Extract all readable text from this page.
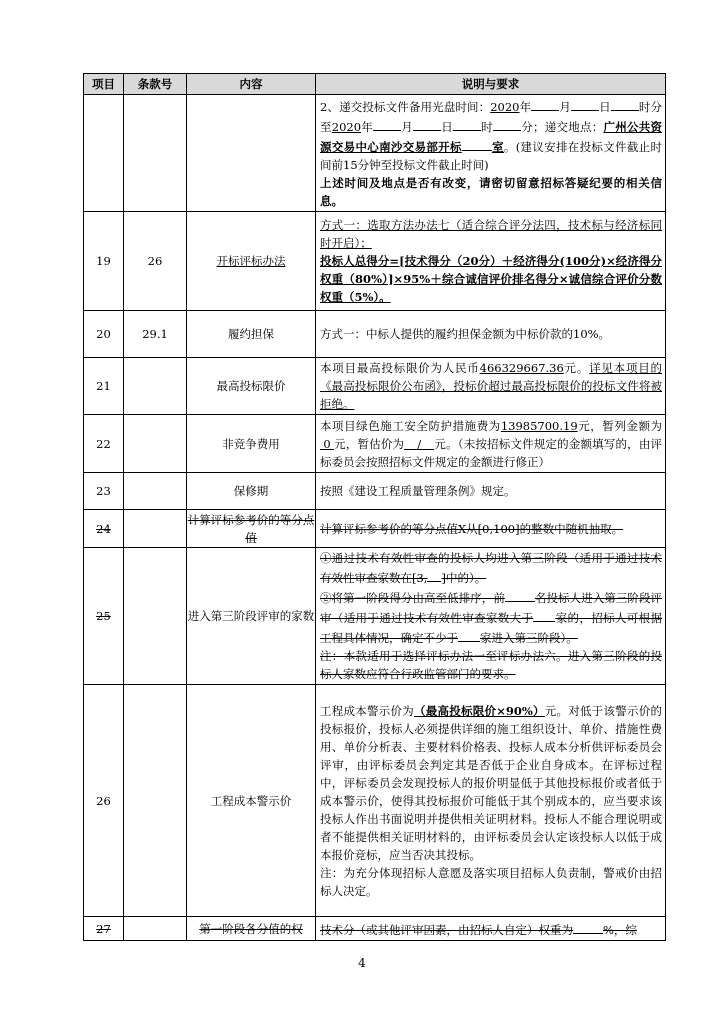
项目	条款号	内容	说明与要求

			2、递交投标文件备用光盘时间：2020年 月 日 时分至2020年 月 日 时 分；递交地点：广州公共资源交易中心南沙交易部开标 室。(建议安排在投标文件截止时间前15分钟至投标文件截止时间)

上述时间及地点是否有改变，请密切留意招标答疑纪要的相关信息。

19	26	开标评标办法	方式一：选取方法办法七（适合综合评分法四，技术标与经济标同时开启）；

投标人总得分=[技术得分（20分）＋经济得分(100分)×经济得分权重（80%）]×95%＋综合诚信评价排名得分×诚信综合评价分数权重（5%）。

20	29.1	履约担保	方式一：中标人提供的履约担保金额为中标价款的10%。

21		最高投标限价	本项目最高投标限价为人民币466329667.36元。详见本项目的《最高投标限价公布函》，投标价超过最高投标限价的投标文件将被拒绝。

22		非竞争费用	本项目绿色施工安全防护措施费为13985700.19元，暂列金额为0 元，暂估价为 / 元。（未按招标文件规定的金额填写的，由评标委员会按照招标文件规定的金额进行修正）

23		保修期	按照《建设工程质量管理条例》规定。

24		计算评标参考价的等分点值	计算评标参考价的等分点值X从[0,100]的整数中随机抽取。

25		进入第三阶段评审的家数	①通过技术有效性审查的投标人均进入第三阶段（适用于通过技术有效性审查家数在[3, ]中的）。

②将第一阶段得分由高至低排序，前 名投标人进入第三阶段评审（适用于通过技术有效性审查家数大于 家的，招标人可根据工程具体情况，确定不少于 家进入第三阶段）。

注：本款适用于选择评标办法一至评标办法六。进入第三阶段的投标人家数应符合行政监管部门的要求。

26		工程成本警示价	工程成本警示价为（最高投标限价×90%）元。对低于该警示价的投标报价，投标人必须提供详细的施工组织设计、单价、措施性费用、单价分析表、主要材料价格表、投标人成本分析供评标委员会评审，由评标委员会判定其是否低于企业自身成本。在评标过程中，评标委员会发现投标人的报价明显低于其他投标报价或者低于成本警示价，使得其投标报价可能低于其个别成本的，应当要求该投标人作出书面说明并提供相关证明材料。投标人不能合理说明或者不能提供相关证明材料的，由评标委员会认定该投标人以低于成本报价竞标，应当否决其投标。

注：为充分体现招标人意愿及落实项目招标人负责制，警戒价由招标人决定。

27		第一阶段各分值的权	技术分（或其他评审因素，由招标人自定）权重为 %，综

4
